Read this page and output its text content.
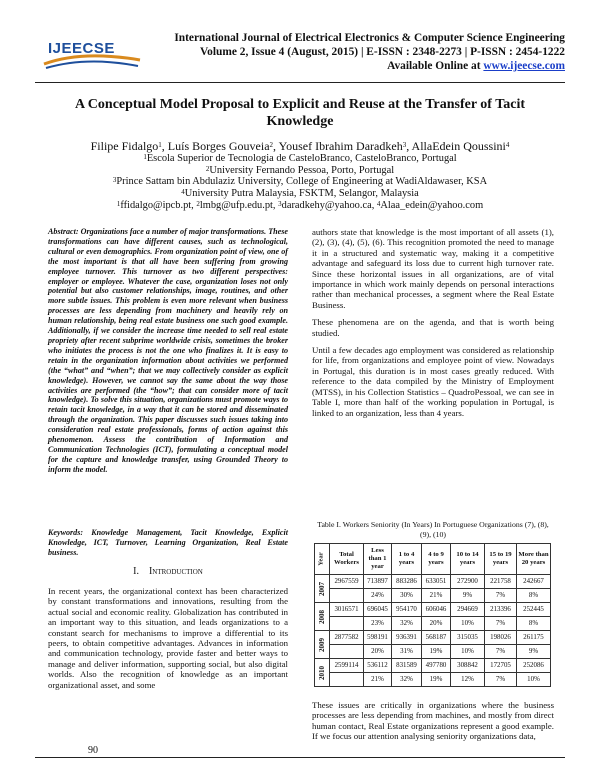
IJEECSE
International Journal of Electrical Electronics & Computer Science Engineering
Volume 2, Issue 4 (August, 2015) | E-ISSN : 2348-2273 | P-ISSN : 2454-1222
Available Online at www.ijeecse.com
A Conceptual Model Proposal to Explicit and Reuse at the Transfer of Tacit Knowledge
Filipe Fidalgo$^1$, Luís Borges Gouveia$^2$, Yousef Ibrahim Daradkeh$^3$, AllaEdein Qoussini$^4$
$^1$Escola Superior de Tecnologia de CasteloBranco, CasteloBranco, Portugal
$^2$University Fernando Pessoa, Porto, Portugal
$^3$Prince Sattam bin Abdulaziz University, College of Engineering at WadiAldawaser, KSA
$^4$University Putra Malaysia, FSKTM, Selangor, Malaysia
$^1$ffidalgo@ipcb.pt, $^2$lmbg@ufp.edu.pt, $^3$daradkehy@yahoo.ca, $^4$Alaa_edein@yahoo.com
Abstract: Organizations face a number of major transformations. These transformations can have different causes, such as technological, cultural or even demographics. From organization point of view, one of the most important is that all have been suffering from growing employee turnover. This turnover as two different perspectives: employer or employee. Whatever the case, organization loses not only potential but also customer relationships, image, routines, and other more subtle issues. This problem is even more relevant when business processes are less depending from machinery and heavily rely on human relationship, being real estate business one such good example. Additionally, if we consider the increase time needed to sell real estate propriety after recent subprime worldwide crisis, sometimes the broker who initiates the process is not the one who finalizes it. It is easy to retain in the organization information about activities we performed (the “what” and “when”; that we may collectively consider as explicit knowledge). However, we cannot say the same about the way those activities are performed (the “how”; that can consider more of tacit knowledge). To solve this situation, organizations must promote ways to retain tacit knowledge, in a way that it can be stored and disseminated through the organization. This paper discusses such issues taking into consideration real estate professionals, forms of action against this phenomenon. Assess the contribution of Information and Communication Technologies (ICT), formulating a conceptual model for the capture and knowledge transfer, using Grounded Theory to inform the model.
Keywords: Knowledge Management, Tacit Knowledge, Explicit Knowledge, ICT, Turnover, Learning Organization, Real Estate business.
I. Introduction
In recent years, the organizational context has been characterized by constant transformations and innovations, resulting from the actual social and economic reality. Globalization has contributed in an important way to this situation, and leads organizations to a constant search for mechanisms to improve a differential to its peers, to obtain competitive advantages. Advances in information and communication technology, provide faster and better ways to manage and deliver information, supporting social, but also digital worlds. Also the recognition of knowledge as an important organizational asset, and some

authors state that knowledge is the most important of all assets (1), (2), (3), (4), (5), (6). This recognition promoted the need to manage it in a structured and systematic way, making it a competitive advantage and safeguard its loss due to current high turnover rate. Since these horizontal issues in all organizations, are of vital importance in which work mainly depends on personal interactions rather than mechanical processes, a segment where the Real Estate Business.

These phenomena are on the agenda, and that is worth being studied.

Until a few decades ago employment was considered as relationship for life, from organizations and employee point of view. Nowadays in Portugal, this duration is in most cases greatly reduced. With reference to the data compiled by the Ministry of Employment (MTSS), in his Collection Statistics – QuadroPessoal, we can see in Table I, more than half of the working population in Portugal, is linked to an organization, less than 4 years.

Table I. Workers Seniority (In Years) In Portuguese Organizations (7), (8), (9), (10)
Year	Total Workers	Less than 1 year	1 to 4 years	4 to 9 years	10 to 14 years	15 to 19 years	More than 20 years
2007	2967559	713897	883286	633051	272900	221758	242667
		24%	30%	21%	9%	7%	8%
2008	3016571	696045	954170	606046	294669	213396	252445
		23%	32%	20%	10%	7%	8%
2009	2877582	598191	936391	568187	315035	198026	261175
		20%	31%	19%	10%	7%	9%
2010	2599114	536112	831589	497780	308842	172705	252086
		21%	32%	19%	12%	7%	10%
These issues are critically in organizations where the business processes are less depending from machines, and mostly from direct human contact, Real Estate organizations represent a good example. If we focus our attention analysing seniority organizations data,
90
